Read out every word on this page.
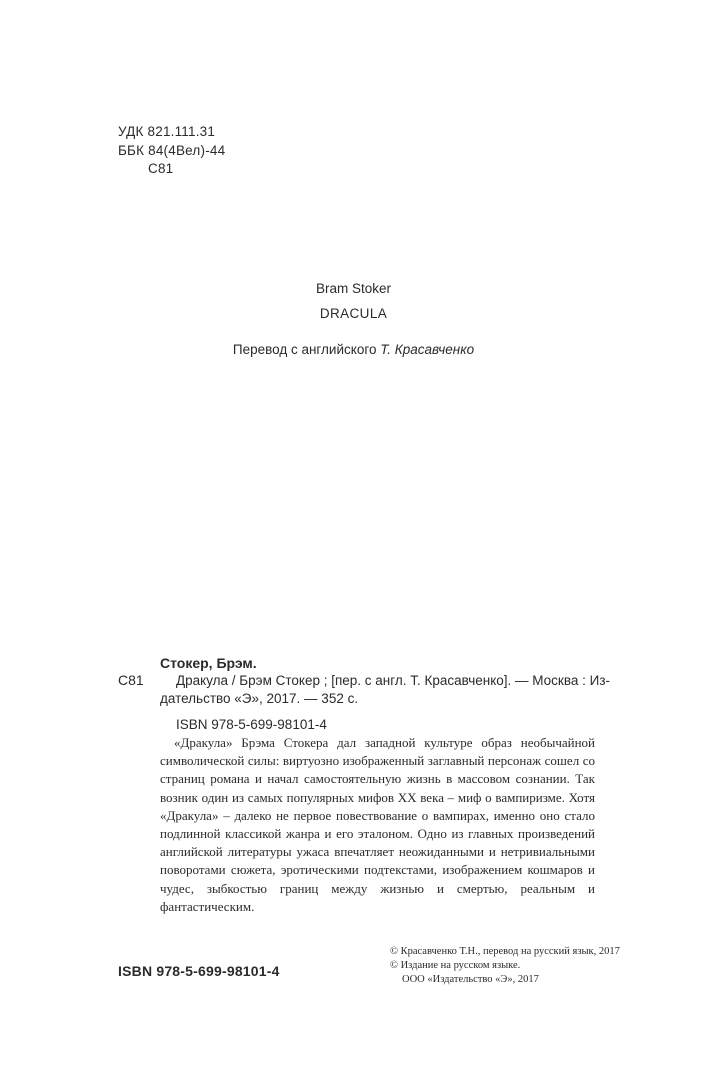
УДК 821.111.31
ББК 84(4Вел)-44
С81
Bram Stoker
DRACULA
Перевод с английского Т. Красавченко
Стокер, Брэм.
С81 Дракула / Брэм Стокер ; [пер. с англ. Т. Красавченко]. — Москва : Из-
дательство «Э», 2017. — 352 с.
ISBN 978-5-699-98101-4
«Дракула» Брэма Стокера дал западной культуре образ необычайной символической силы: виртуозно изображенный заглавный персонаж сошел со страниц романа и начал самостоятельную жизнь в массовом сознании. Так возник один из самых популярных мифов XX века – миф о вампиризме. Хотя «Дракула» – далеко не первое повествование о вампирах, именно оно стало подлинной классикой жанра и его эталоном. Одно из главных произведений английской литературы ужаса впечатляет неожиданными и нетривиальными поворотами сюжета, эротическими подтекстами, изображением кошмаров и чудес, зыбкостью границ между жизнью и смертью, реальным и фантастическим.
ISBN 978-5-699-98101-4
© Красавченко Т.Н., перевод на русский язык, 2017
© Издание на русском языке.
ООО «Издательство «Э», 2017
